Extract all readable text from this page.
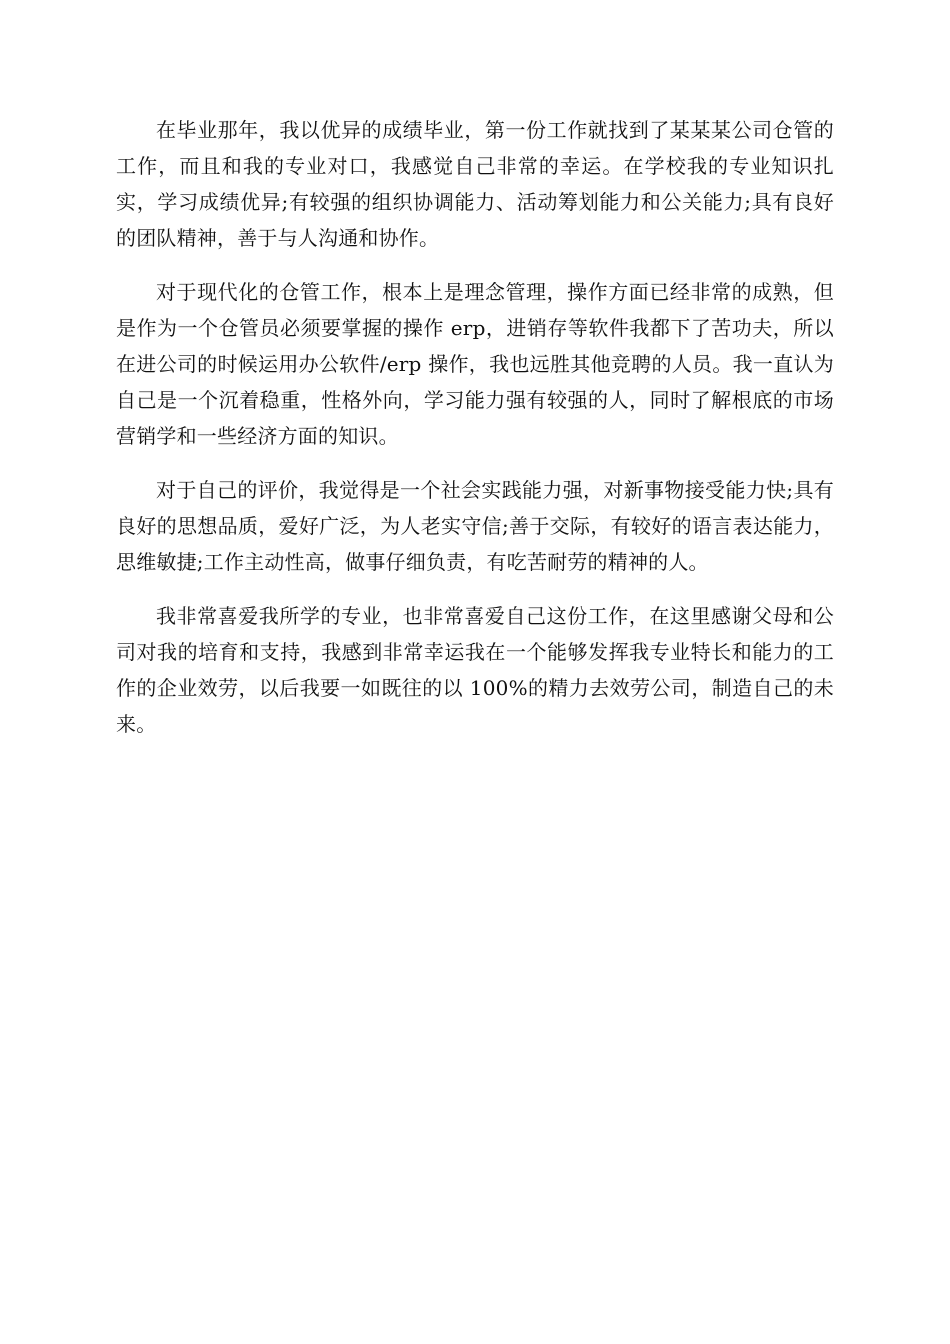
在毕业那年，我以优异的成绩毕业，第一份工作就找到了某某某公司仓管的工作，而且和我的专业对口，我感觉自己非常的幸运。在学校我的专业知识扎实，学习成绩优异;有较强的组织协调能力、活动筹划能力和公关能力;具有良好的团队精神，善于与人沟通和协作。

对于现代化的仓管工作，根本上是理念管理，操作方面已经非常的成熟，但是作为一个仓管员必须要掌握的操作 erp，进销存等软件我都下了苦功夫，所以在进公司的时候运用办公软件/erp 操作，我也远胜其他竞聘的人员。我一直认为自己是一个沉着稳重，性格外向，学习能力强有较强的人，同时了解根底的市场营销学和一些经济方面的知识。

对于自己的评价，我觉得是一个社会实践能力强，对新事物接受能力快;具有良好的思想品质，爱好广泛，为人老实守信;善于交际，有较好的语言表达能力，思维敏捷;工作主动性高，做事仔细负责，有吃苦耐劳的精神的人。

我非常喜爱我所学的专业，也非常喜爱自己这份工作，在这里感谢父母和公司对我的培育和支持，我感到非常幸运我在一个能够发挥我专业特长和能力的工作的企业效劳，以后我要一如既往的以 100%的精力去效劳公司，制造自己的未来。
